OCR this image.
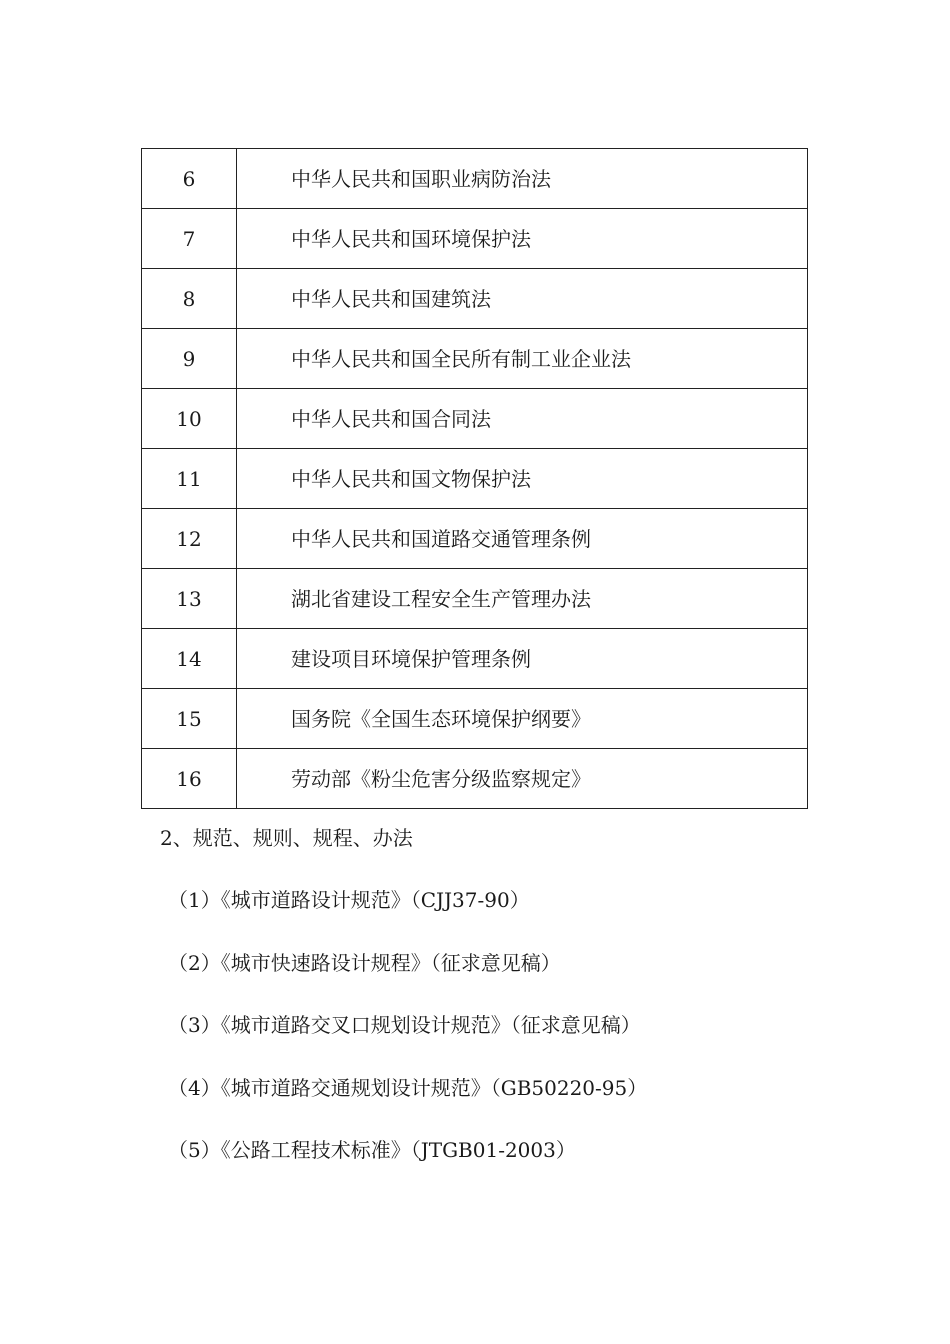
6	中华人民共和国职业病防治法
7	中华人民共和国环境保护法
8	中华人民共和国建筑法
9	中华人民共和国全民所有制工业企业法
10	中华人民共和国合同法
11	中华人民共和国文物保护法
12	中华人民共和国道路交通管理条例
13	湖北省建设工程安全生产管理办法
14	建设项目环境保护管理条例
15	国务院《全国生态环境保护纲要》
16	劳动部《粉尘危害分级监察规定》

2、规范、规则、规程、办法

（1）《城市道路设计规范》（CJJ37-90）
（2）《城市快速路设计规程》（征求意见稿）
（3）《城市道路交叉口规划设计规范》（征求意见稿）
（4）《城市道路交通规划设计规范》（GB50220-95）
（5）《公路工程技术标准》（JTGB01-2003）
